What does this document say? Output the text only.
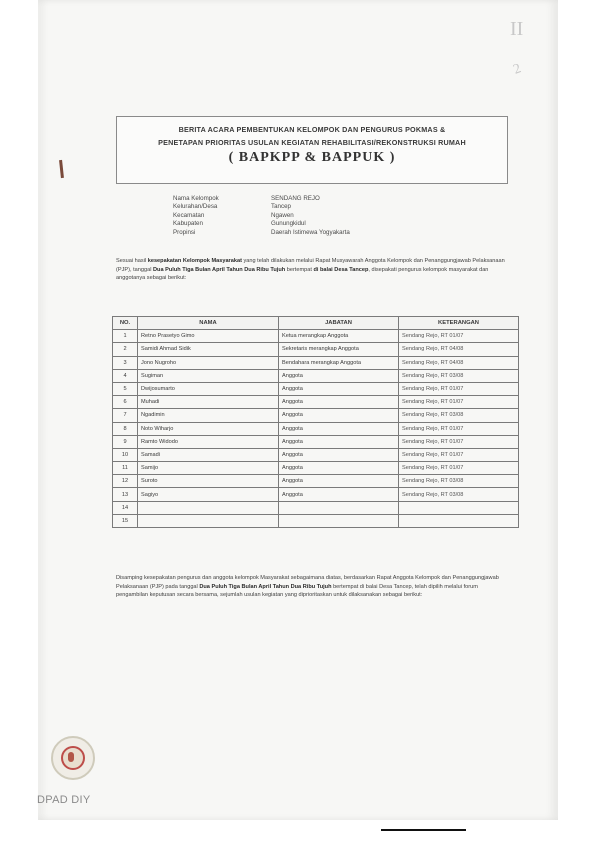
II
2
BERITA ACARA PEMBENTUKAN KELOMPOK DAN PENGURUS POKMAS &
PENETAPAN PRIORITAS USULAN KEGIATAN REHABILITASI/REKONSTRUKSI RUMAH
( BAPKPP & BAPPUK )
Nama Kelompok	SENDANG REJO
Kelurahan/Desa	Tancep
Kecamatan	Ngawen
Kabupaten	Gunungkidul
Propinsi	Daerah Istimewa Yogyakarta
Sesuai hasil kesepakatan Kelompok Masyarakat yang telah dilakukan melalui Rapat Musyawarah Anggota Kelompok dan Penanggungjawab Pelaksanaan (PJP), tanggal Dua Puluh Tiga Bulan April Tahun Dua Ribu Tujuh bertempat di balai Desa Tancep, disepakati pengurus kelompok masyarakat dan anggotanya sebagai berikut:
NO.	NAMA	JABATAN	KETERANGAN
1	Retno Prasetyo Gimo	Ketua merangkap Anggota	Sendang Rejo, RT 01/07
2	Samidi Ahmad Sidik	Sekretaris merangkap Anggota	Sendang Rejo, RT 04/08
3	Jono Nugroho	Bendahara merangkap Anggota	Sendang Rejo, RT 04/08
4	Sugiman	Anggota	Sendang Rejo, RT 03/08
5	Dwijosumarto	Anggota	Sendang Rejo, RT 01/07
6	Muhadi	Anggota	Sendang Rejo, RT 01/07
7	Ngadimin	Anggota	Sendang Rejo, RT 03/08
8	Noto Wiharjo	Anggota	Sendang Rejo, RT 01/07
9	Ramto Widodo	Anggota	Sendang Rejo, RT 01/07
10	Samadi	Anggota	Sendang Rejo, RT 01/07
11	Samijo	Anggota	Sendang Rejo, RT 01/07
12	Suroto	Anggota	Sendang Rejo, RT 03/08
13	Sagiyo	Anggota	Sendang Rejo, RT 03/08
14			
15			
Disamping kesepakatan pengurus dan anggota kelompok Masyarakat sebagaimana diatas, berdasarkan Rapat Anggota Kelompok dan Penanggungjawab Pelaksanaan (PJP) pada tanggal Dua Puluh Tiga Bulan April Tahun Dua Ribu Tujuh bertempat di balai Desa Tancep, telah dipilih melalui forum pengambilan keputusan secara bersama, sejumlah usulan kegiatan yang diprioritaskan untuk dilaksanakan sebagai berikut:
DPAD DIY
